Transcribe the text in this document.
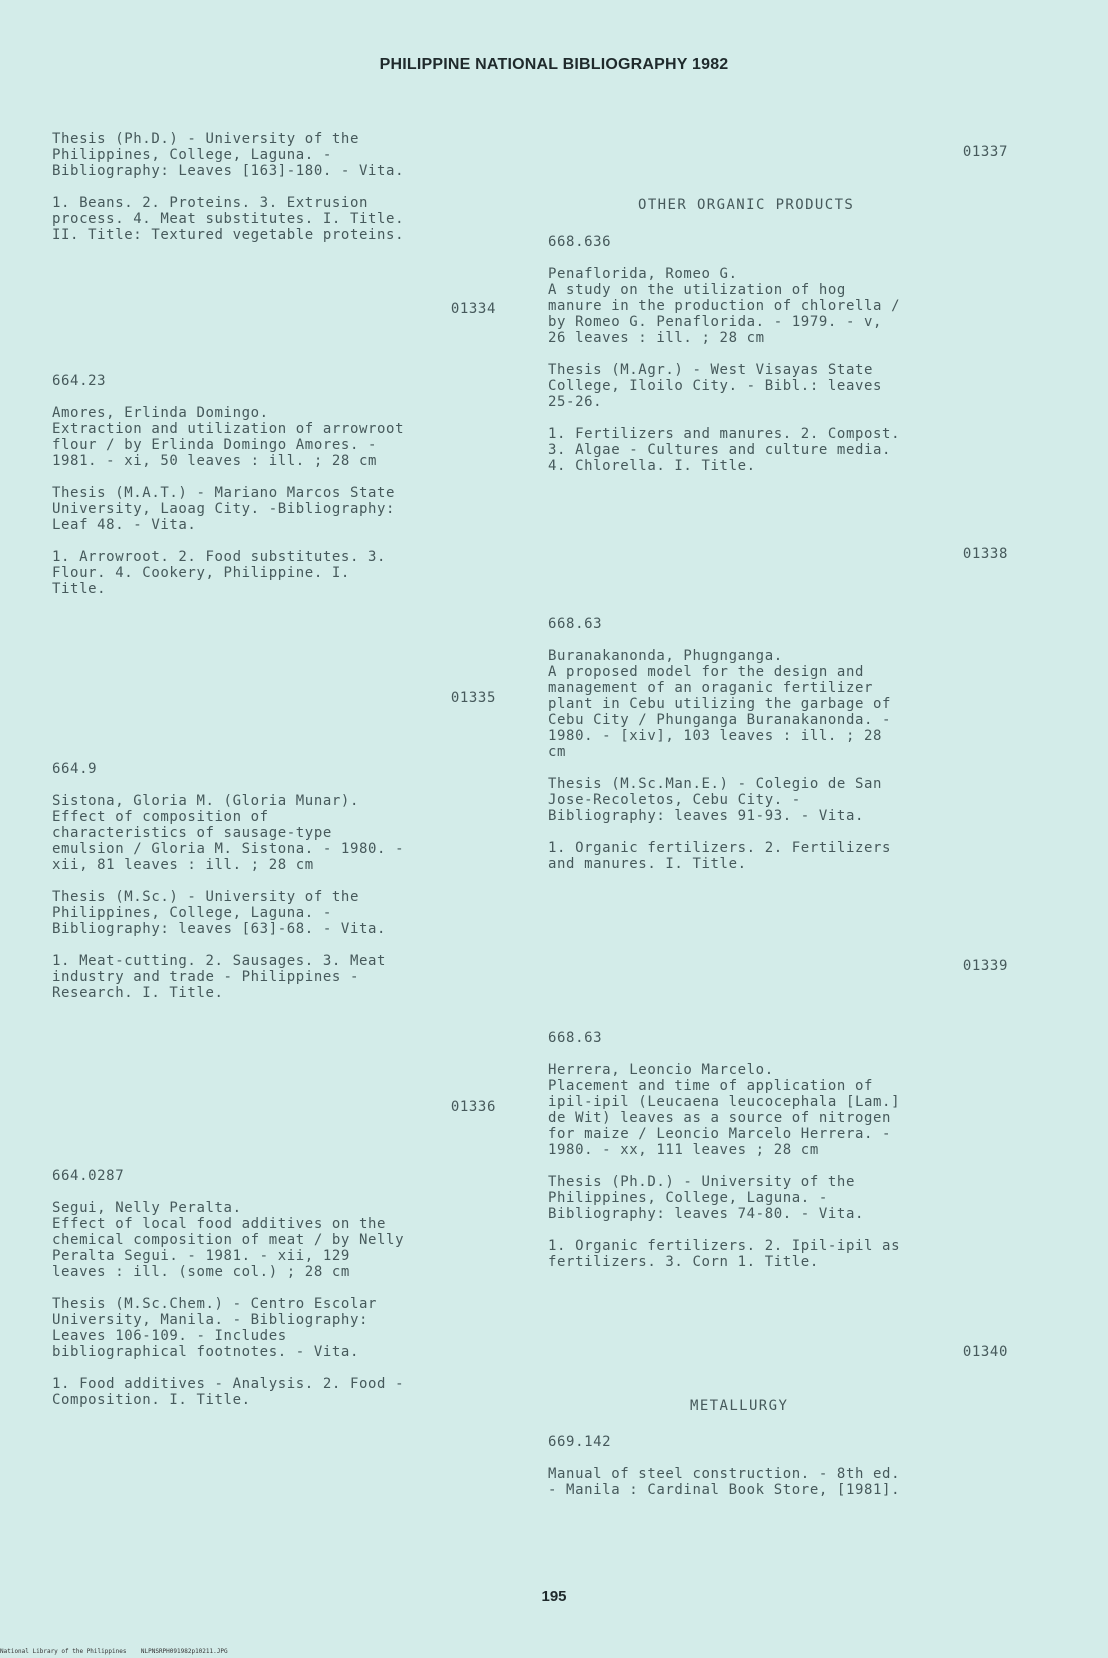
PHILIPPINE NATIONAL BIBLIOGRAPHY 1982
Thesis (Ph.D.) - University of the
Philippines, College, Laguna. -
Bibliography: Leaves [163]-180. - Vita.

1. Beans. 2. Proteins. 3. Extrusion
process. 4. Meat substitutes. I. Title.
II. Title: Textured vegetable proteins.
01334
664.23

Amores, Erlinda Domingo.
Extraction and utilization of arrowroot
flour / by Erlinda Domingo Amores. -
1981. - xi, 50 leaves : ill. ; 28 cm

Thesis (M.A.T.) - Mariano Marcos State
University, Laoag City. -Bibliography:
Leaf 48. - Vita.

1. Arrowroot. 2. Food substitutes. 3.
Flour. 4. Cookery, Philippine. I.
Title.
01335
664.9

Sistona, Gloria M. (Gloria Munar).
Effect of composition of
characteristics of sausage-type
emulsion / Gloria M. Sistona. - 1980. -
xii, 81 leaves : ill. ; 28 cm

Thesis (M.Sc.) - University of the
Philippines, College, Laguna. -
Bibliography: leaves [63]-68. - Vita.

1. Meat-cutting. 2. Sausages. 3. Meat
industry and trade - Philippines -
Research. I. Title.
01336
664.0287

Segui, Nelly Peralta.
Effect of local food additives on the
chemical composition of meat / by Nelly
Peralta Segui. - 1981. - xii, 129
leaves : ill. (some col.) ; 28 cm

Thesis (M.Sc.Chem.) - Centro Escolar
University, Manila. - Bibliography:
Leaves 106-109. - Includes
bibliographical footnotes. - Vita.

1. Food additives - Analysis. 2. Food -
Composition. I. Title.
01337
OTHER ORGANIC PRODUCTS
668.636

Penaflorida, Romeo G.
A study on the utilization of hog
manure in the production of chlorella /
by Romeo G. Penaflorida. - 1979. - v,
26 leaves : ill. ; 28 cm

Thesis (M.Agr.) - West Visayas State
College, Iloilo City. - Bibl.: leaves
25-26.

1. Fertilizers and manures. 2. Compost.
3. Algae - Cultures and culture media.
4. Chlorella. I. Title.
01338
668.63

Buranakanonda, Phugnganga.
A proposed model for the design and
management of an oraganic fertilizer
plant in Cebu utilizing the garbage of
Cebu City / Phunganga Buranakanonda. -
1980. - [xiv], 103 leaves : ill. ; 28
cm

Thesis (M.Sc.Man.E.) - Colegio de San
Jose-Recoletos, Cebu City. -
Bibliography: leaves 91-93. - Vita.

1. Organic fertilizers. 2. Fertilizers
and manures. I. Title.
01339
668.63

Herrera, Leoncio Marcelo.
Placement and time of application of
ipil-ipil (Leucaena leucocephala [Lam.]
de Wit) leaves as a source of nitrogen
for maize / Leoncio Marcelo Herrera. -
1980. - xx, 111 leaves ; 28 cm

Thesis (Ph.D.) - University of the
Philippines, College, Laguna. -
Bibliography: leaves 74-80. - Vita.

1. Organic fertilizers. 2. Ipil-ipil as
fertilizers. 3. Corn 1. Title.
01340
METALLURGY
669.142

Manual of steel construction. - 8th ed.
- Manila : Cardinal Book Store, [1981].
195
National Library of the Philippines    NLPNSRPH091982p10211.JPG
